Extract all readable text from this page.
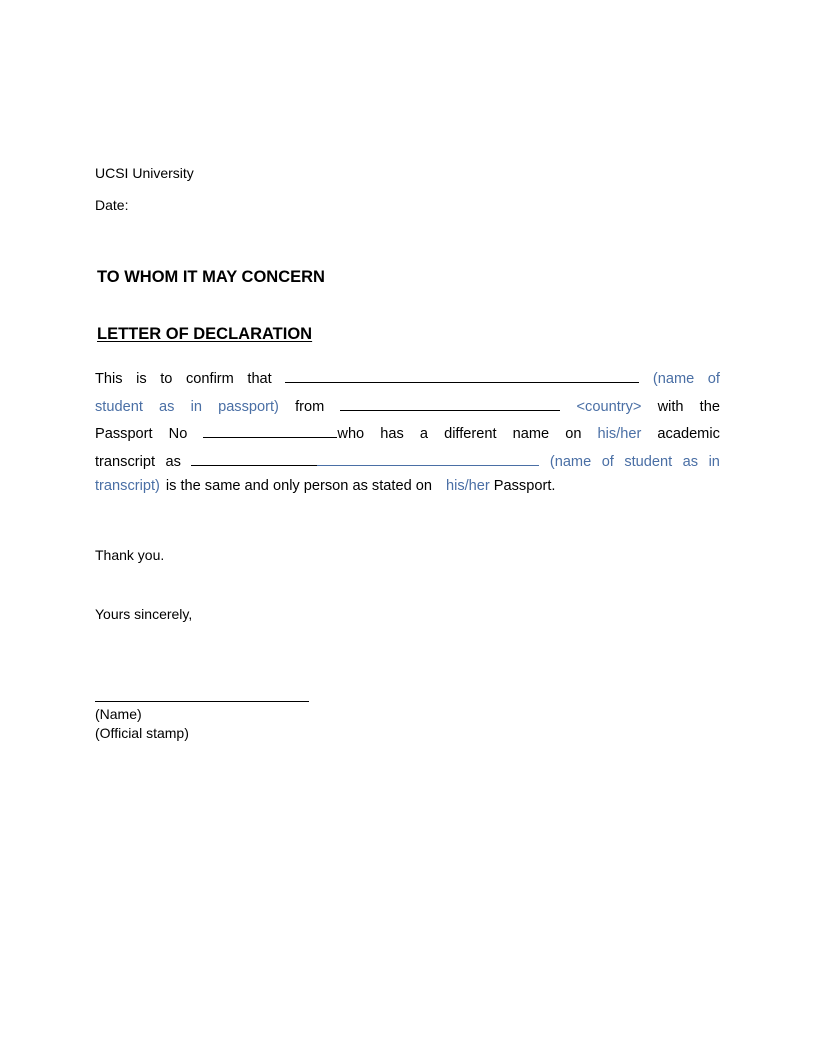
UCSI University
Date:
TO WHOM IT MAY CONCERN
LETTER OF DECLARATION
This is to confirm that	(name of
student as in passport) from	<country> with the
Passport No	who has a different name on his/her academic
transcript as	(name of student as in
transcript) is the same and only person as stated on his/her Passport.
Thank you.
Yours sincerely,
(Name)
(Official stamp)
